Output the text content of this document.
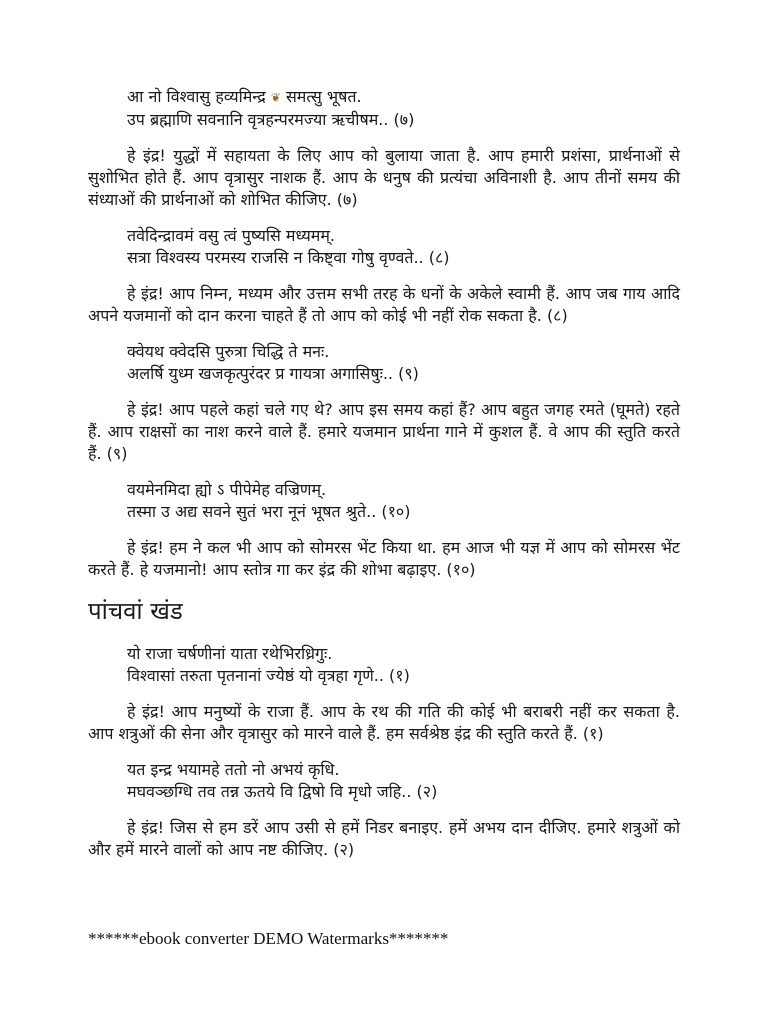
आ नो विश्वासु हव्यमिन्द्र ❦ समत्सु भूषत.
उप ब्रह्माणि सवनानि वृत्रहन्परमज्या ऋचीषम.. (७)

हे इंद्र! युद्धों में सहायता के लिए आप को बुलाया जाता है. आप हमारी प्रशंसा, प्रार्थनाओं से सुशोभित होते हैं. आप वृत्रासुर नाशक हैं. आप के धनुष की प्रत्यंचा अविनाशी है. आप तीनों समय की संध्याओं की प्रार्थनाओं को शोभित कीजिए. (७)

तवेदिन्द्रावमं वसु त्वं पुष्यसि मध्यमम्.
सत्रा विश्वस्य परमस्य राजसि न किष्ट्वा गोषु वृण्वते.. (८)

हे इंद्र! आप निम्न, मध्यम और उत्तम सभी तरह के धनों के अकेले स्वामी हैं. आप जब गाय आदि अपने यजमानों को दान करना चाहते हैं तो आप को कोई भी नहीं रोक सकता है. (८)

क्वेयथ क्वेदसि पुरुत्रा चिद्धि ते मनः.
अलर्षि युध्म खजकृत्पुरंदर प्र गायत्रा अगासिषुः.. (९)

हे इंद्र! आप पहले कहां चले गए थे? आप इस समय कहां हैं? आप बहुत जगह रमते (घूमते) रहते हैं. आप राक्षसों का नाश करने वाले हैं. हमारे यजमान प्रार्थना गाने में कुशल हैं. वे आप की स्तुति करते हैं. (९)

वयमेनमिदा ह्यो ऽ पीपेमेह वज्रिणम्.
तस्मा उ अद्य सवने सुतं भरा नूनं भूषत श्रुते.. (१०)

हे इंद्र! हम ने कल भी आप को सोमरस भेंट किया था. हम आज भी यज्ञ में आप को सोमरस भेंट करते हैं. हे यजमानो! आप स्तोत्र गा कर इंद्र की शोभा बढ़ाइए. (१०)

पांचवां खंड
यो राजा चर्षणीनां याता रथेभिरध्रिगुः.
विश्वासां तरुता पृतनानां ज्येष्ठं यो वृत्रहा गृणे.. (१)

हे इंद्र! आप मनुष्यों के राजा हैं. आप के रथ की गति की कोई भी बराबरी नहीं कर सकता है. आप शत्रुओं की सेना और वृत्रासुर को मारने वाले हैं. हम सर्वश्रेष्ठ इंद्र की स्तुति करते हैं. (१)

यत इन्द्र भयामहे ततो नो अभयं कृधि.
मघवञ्छग्धि तव तन्न ऊतये वि द्विषो वि मृधो जहि.. (२)

हे इंद्र! जिस से हम डरें आप उसी से हमें निडर बनाइए. हमें अभय दान दीजिए. हमारे शत्रुओं को और हमें मारने वालों को आप नष्ट कीजिए. (२)

******ebook converter DEMO Watermarks*******
